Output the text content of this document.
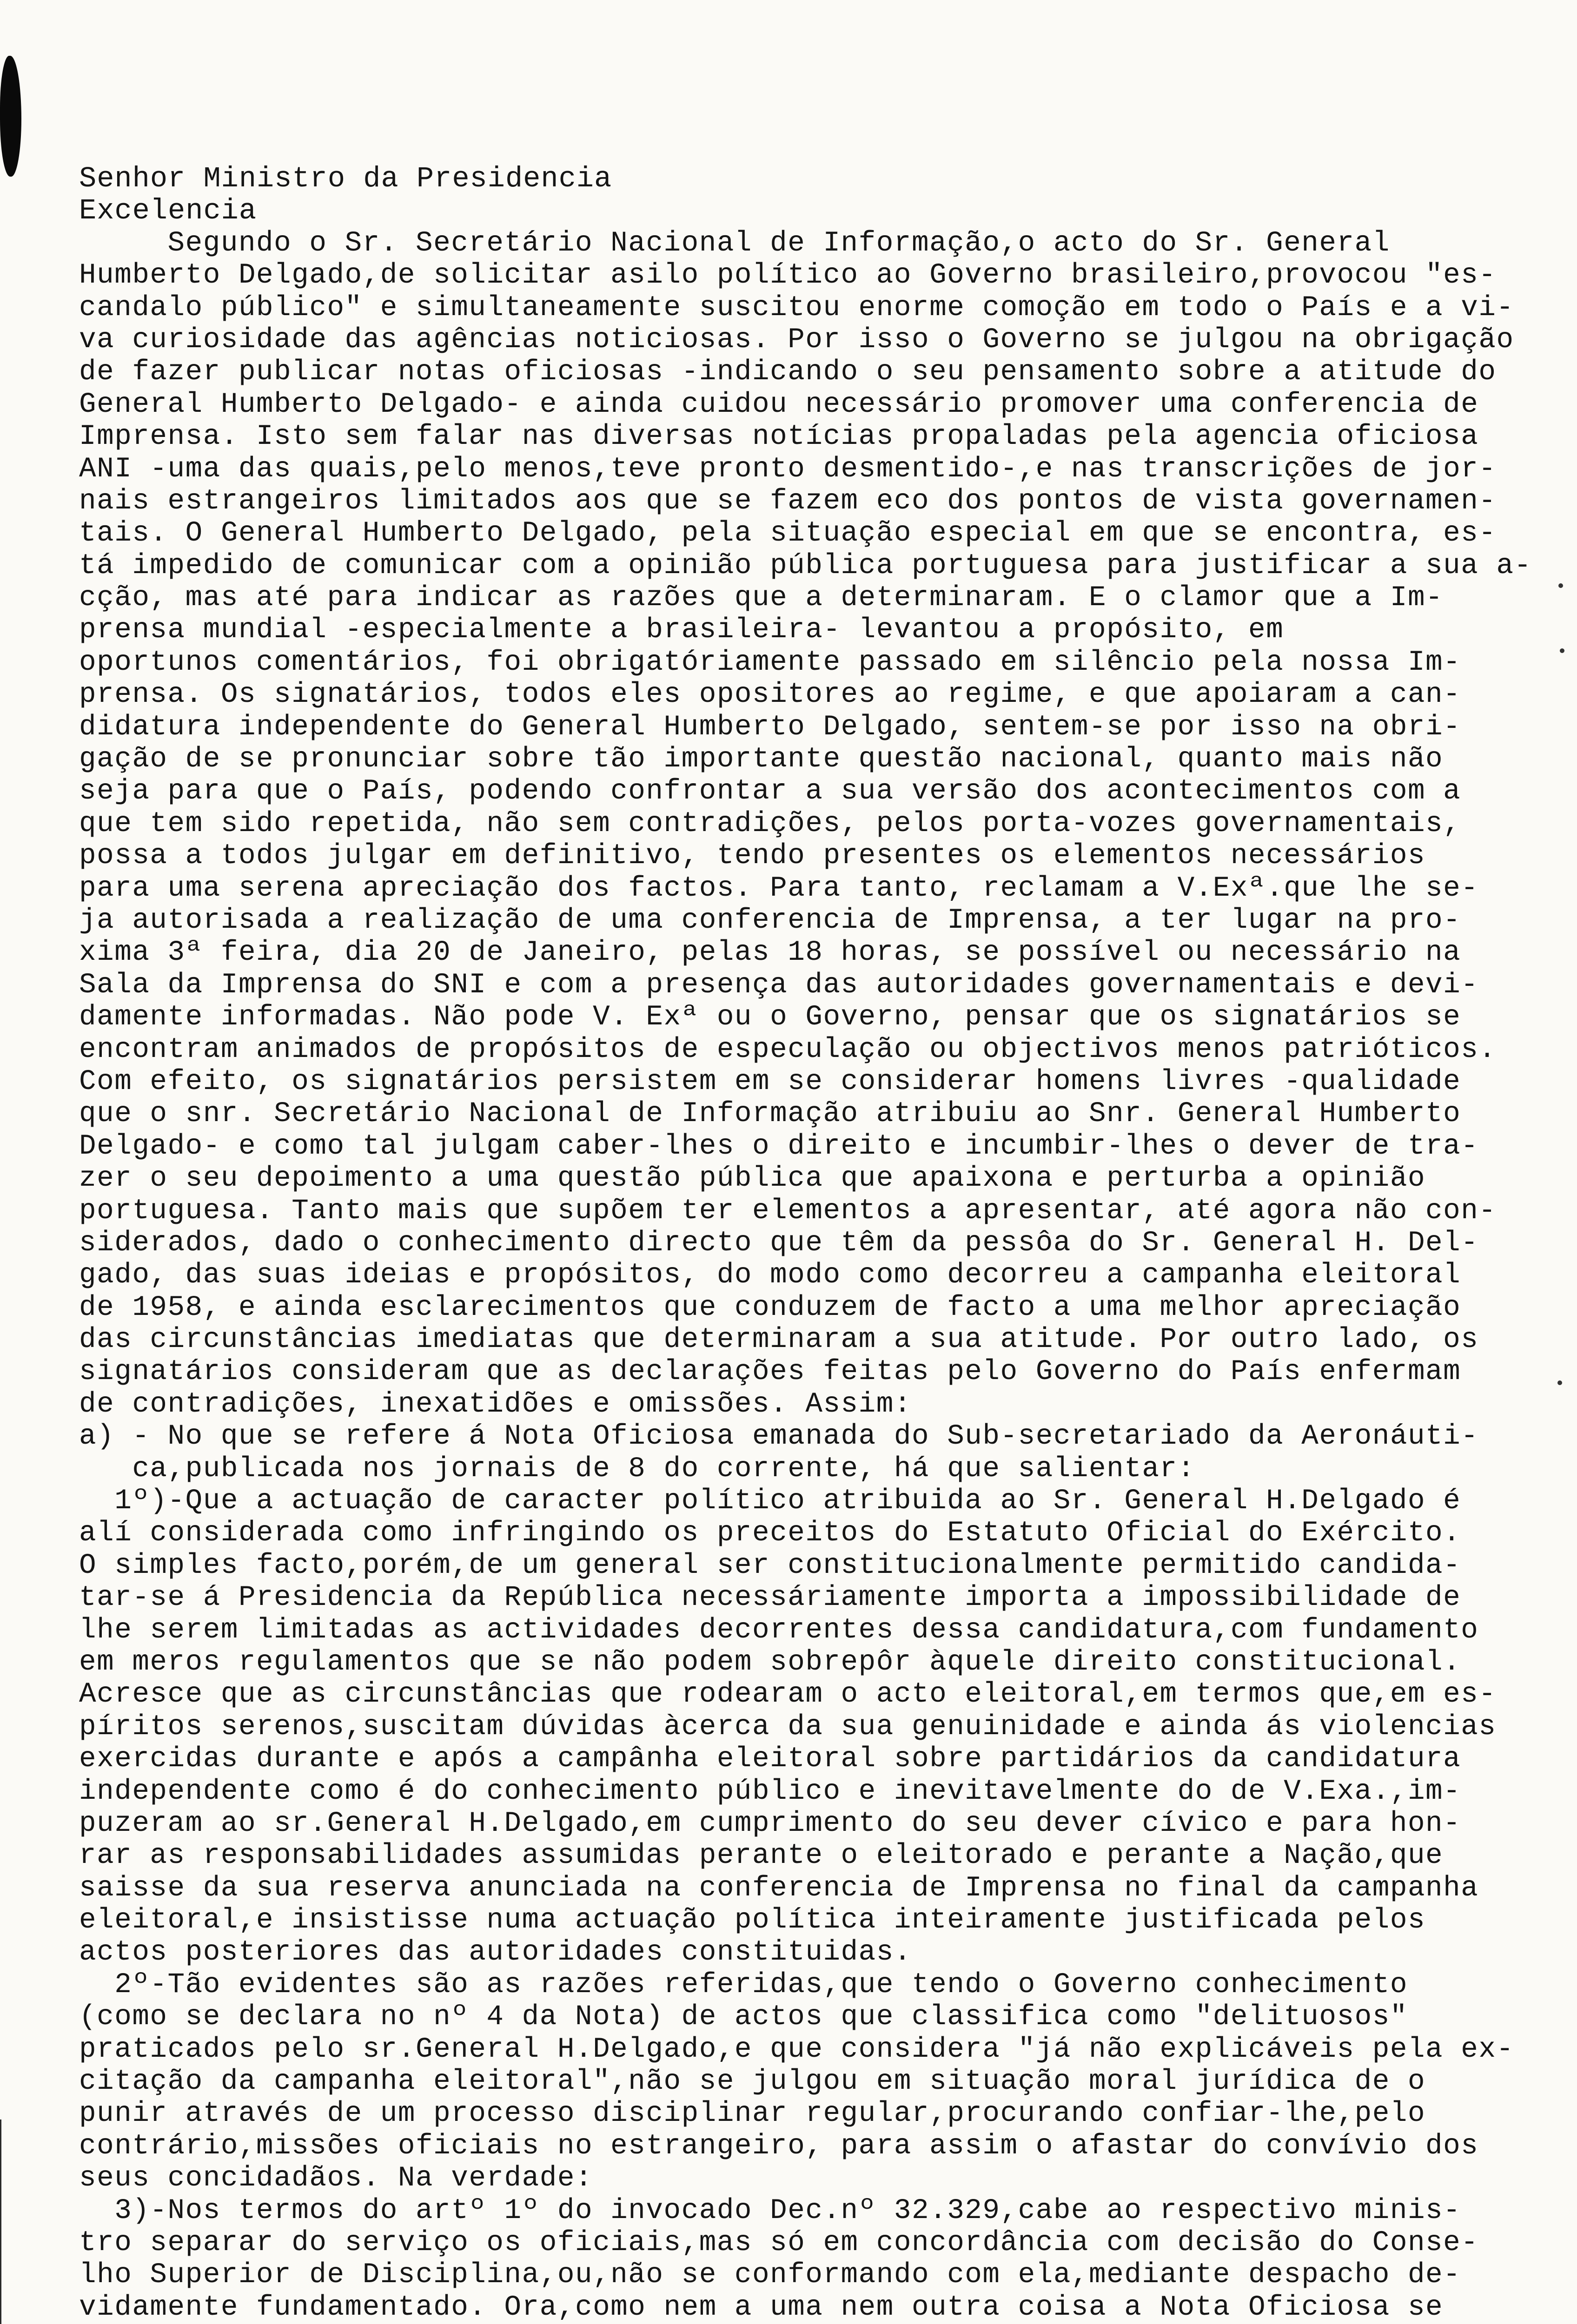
Senhor Ministro da Presidencia
Excelencia
Segundo o Sr. Secretário Nacional de Informação,o acto do Sr. General
Humberto Delgado,de solicitar asilo político ao Governo brasileiro,provocou "es-
candalo público" e simultaneamente suscitou enorme comoção em todo o País e a vi-
va curiosidade das agências noticiosas. Por isso o Governo se julgou na obrigação
de fazer publicar notas oficiosas -indicando o seu pensamento sobre a atitude do
General Humberto Delgado- e ainda cuidou necessário promover uma conferencia de
Imprensa. Isto sem falar nas diversas notícias propaladas pela agencia oficiosa
ANI -uma das quais,pelo menos,teve pronto desmentido-,e nas transcrições de jor-
nais estrangeiros limitados aos que se fazem eco dos pontos de vista governamen-
tais. O General Humberto Delgado, pela situação especial em que se encontra, es-
tá impedido de comunicar com a opinião pública portuguesa para justificar a sua a-
cção, mas até para indicar as razões que a determinaram. E o clamor que a Im-
prensa mundial -especialmente a brasileira- levantou a propósito, em
oportunos comentários, foi obrigatóriamente passado em silêncio pela nossa Im-
prensa. Os signatários, todos eles opositores ao regime, e que apoiaram a can-
didatura independente do General Humberto Delgado, sentem-se por isso na obri-
gação de se pronunciar sobre tão importante questão nacional, quanto mais não
seja para que o País, podendo confrontar a sua versão dos acontecimentos com a
que tem sido repetida, não sem contradições, pelos porta-vozes governamentais,
possa a todos julgar em definitivo, tendo presentes os elementos necessários
para uma serena apreciação dos factos. Para tanto, reclamam a V.Exª.que lhe se-
ja autorisada a realização de uma conferencia de Imprensa, a ter lugar na pro-
xima 3ª feira, dia 20 de Janeiro, pelas 18 horas, se possível ou necessário na
Sala da Imprensa do SNI e com a presença das autoridades governamentais e devi-
damente informadas. Não pode V. Exª ou o Governo, pensar que os signatários se
encontram animados de propósitos de especulação ou objectivos menos patrióticos.
Com efeito, os signatários persistem em se considerar homens livres -qualidade
que o snr. Secretário Nacional de Informação atribuiu ao Snr. General Humberto
Delgado- e como tal julgam caber-lhes o direito e incumbir-lhes o dever de tra-
zer o seu depoimento a uma questão pública que apaixona e perturba a opinião
portuguesa. Tanto mais que supõem ter elementos a apresentar, até agora não con-
siderados, dado o conhecimento directo que têm da pessôa do Sr. General H. Del-
gado, das suas ideias e propósitos, do modo como decorreu a campanha eleitoral
de 1958, e ainda esclarecimentos que conduzem de facto a uma melhor apreciação
das circunstâncias imediatas que determinaram a sua atitude. Por outro lado, os
signatários consideram que as declarações feitas pelo Governo do País enfermam
de contradições, inexatidões e omissões. Assim:
a) - No que se refere á Nota Oficiosa emanada do Sub-secretariado da Aeronáuti-
ca,publicada nos jornais de 8 do corrente, há que salientar:
1º)-Que a actuação de caracter político atribuida ao Sr. General H.Delgado é
alí considerada como infringindo os preceitos do Estatuto Oficial do Exército.
O simples facto,porém,de um general ser constitucionalmente permitido candida-
tar-se á Presidencia da República necessáriamente importa a impossibilidade de
lhe serem limitadas as actividades decorrentes dessa candidatura,com fundamento
em meros regulamentos que se não podem sobrepôr àquele direito constitucional.
Acresce que as circunstâncias que rodearam o acto eleitoral,em termos que,em es-
píritos serenos,suscitam dúvidas àcerca da sua genuinidade e ainda ás violencias
exercidas durante e após a campânha eleitoral sobre partidários da candidatura
independente como é do conhecimento público e inevitavelmente do de V.Exa.,im-
puzeram ao sr.General H.Delgado,em cumprimento do seu dever cívico e para hon-
rar as responsabilidades assumidas perante o eleitorado e perante a Nação,que
saisse da sua reserva anunciada na conferencia de Imprensa no final da campanha
eleitoral,e insistisse numa actuação política inteiramente justificada pelos
actos posteriores das autoridades constituidas.
2º-Tão evidentes são as razões referidas,que tendo o Governo conhecimento
(como se declara no nº 4 da Nota) de actos que classifica como "delituosos"
praticados pelo sr.General H.Delgado,e que considera "já não explicáveis pela ex-
citação da campanha eleitoral",não se julgou em situação moral jurídica de o
punir através de um processo disciplinar regular,procurando confiar-lhe,pelo
contrário,missões oficiais no estrangeiro, para assim o afastar do convívio dos
seus concidadãos. Na verdade:
3)-Nos termos do artº 1º do invocado Dec.nº 32.329,cabe ao respectivo minis-
tro separar do serviço os oficiais,mas só em concordância com decisão do Conse-
lho Superior de Disciplina,ou,não se conformando com ela,mediante despacho de-
vidamente fundamentado. Ora,como nem a uma nem outra coisa a Nota Oficiosa se
